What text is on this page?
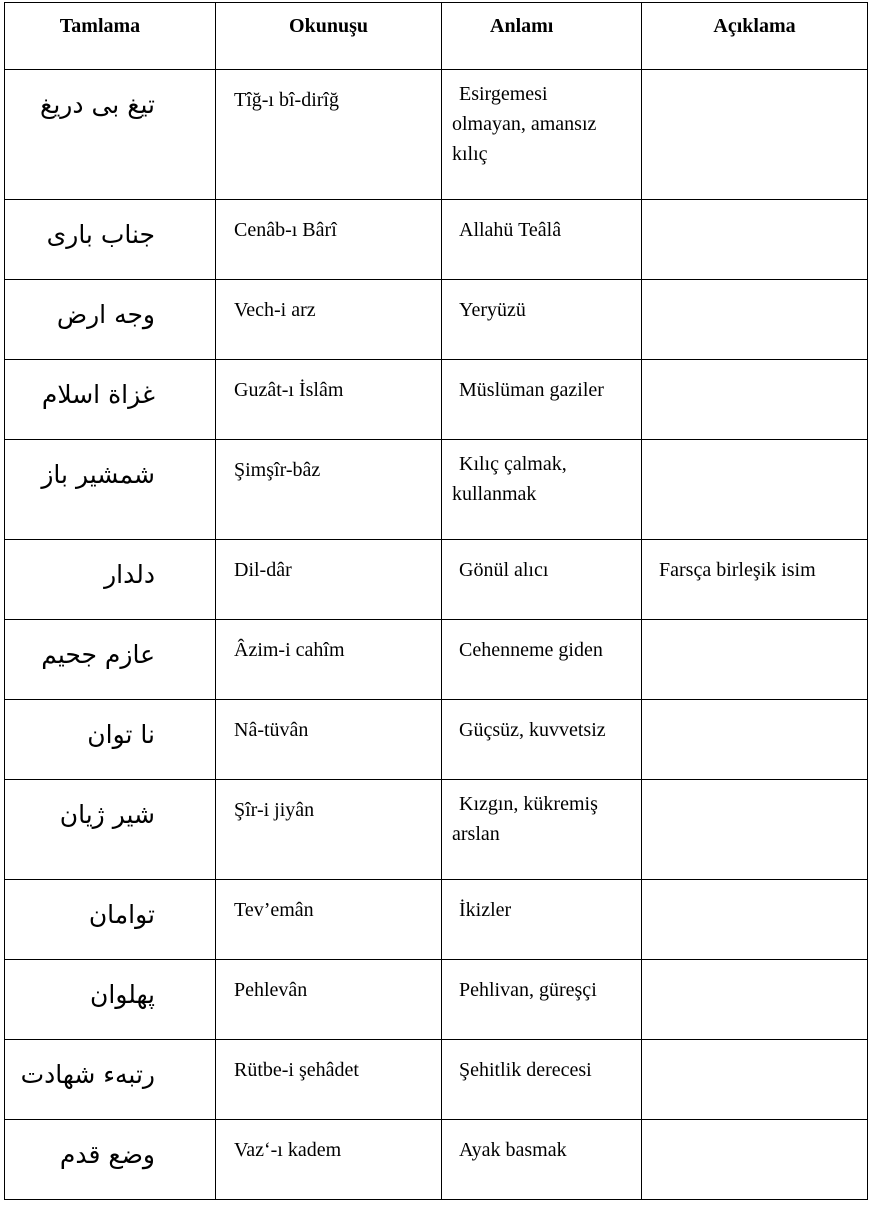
Tamlama	Okunuşu	Anlamı	Açıklama

تیغ بی دریغ	Tîğ-ı bî-dirîğ	Esirgemesi
olmayan, amansız
kılıç	

جناب باری	Cenâb-ı Bârî	Allahü Teâlâ	

وجه ارض	Vech-i arz	Yeryüzü	

غزاة اسلام	Guzât-ı İslâm	Müslüman gaziler	

شمشیر باز	Şimşîr-bâz	Kılıç çalmak,
kullanmak	

دلدار	Dil-dâr	Gönül alıcı	Farsça birleşik isim
عازم جحیم	Âzim-i cahîm	Cehenneme giden	

نا توان	Nâ-tüvân	Güçsüz, kuvvetsiz	

شیر ژیان	Şîr-i jiyân	Kızgın, kükremiş
arslan	

توامان	Tev’emân	İkizler	

پهلوان	Pehlevân	Pehlivan, güreşçi	

رتبهء شهادت	Rütbe-i şehâdet	Şehitlik derecesi	

وضع قدم	Vaz‘-ı kadem	Ayak basmak	
